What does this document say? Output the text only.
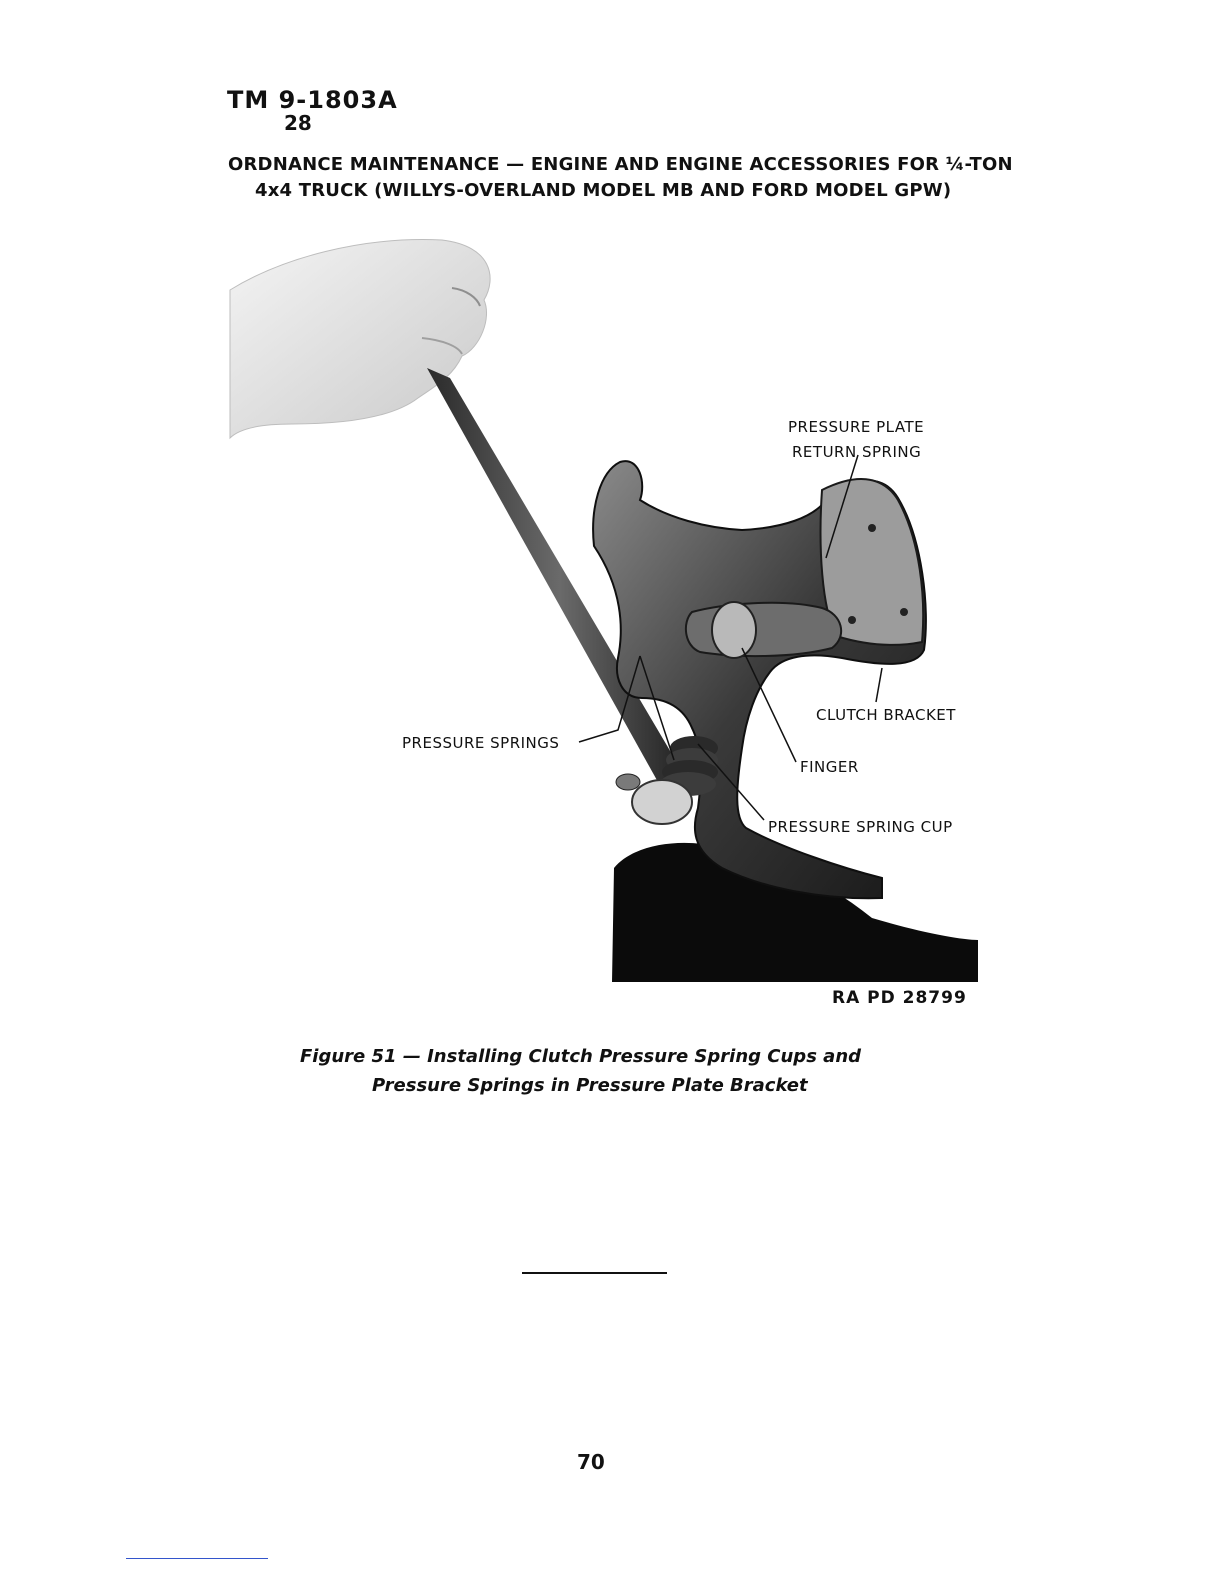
TM 9-1803A
28
ORDNANCE MAINTENANCE — ENGINE AND ENGINE ACCESSORIES FOR ¼-TON
4x4 TRUCK (WILLYS-OVERLAND MODEL MB AND FORD MODEL GPW)
PRESSURE PLATE
RETURN SPRING
CLUTCH BRACKET
PRESSURE SPRINGS
FINGER
PRESSURE SPRING CUP
RA PD 28799
Figure 51 — Installing Clutch Pressure Spring Cups and
Pressure Springs in Pressure Plate Bracket
70
